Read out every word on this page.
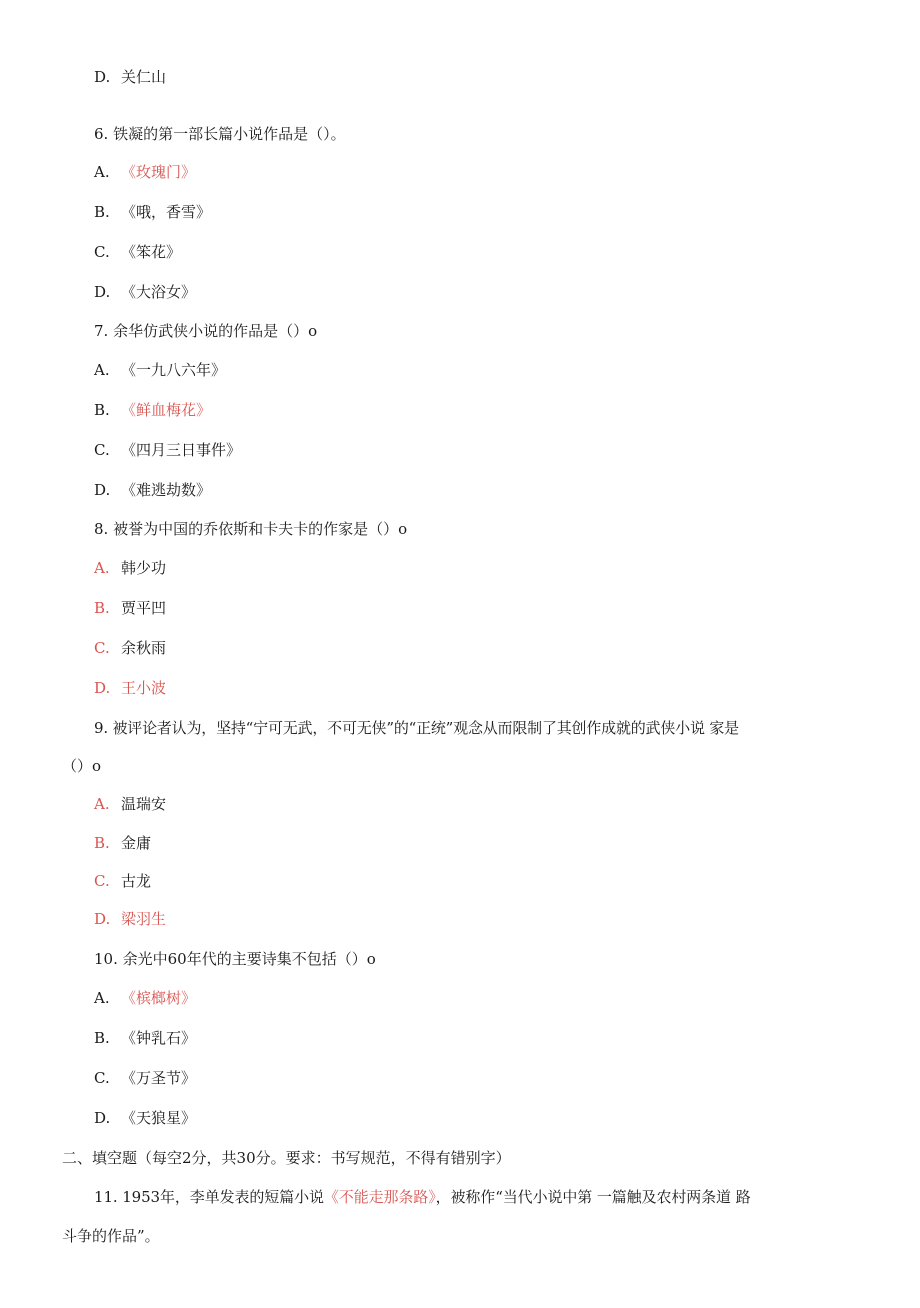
D. 关仁山
6. 铁凝的第一部长篇小说作品是（）。
A. 《玫瑰门》
B. 《哦，香雪》
C. 《笨花》
D. 《大浴女》
7. 余华仿武侠小说的作品是（）o
A. 《一九八六年》
B. 《鲜血梅花》
C. 《四月三日事件》
D. 《难逃劫数》
8. 被誉为中国的乔依斯和卡夫卡的作家是（）o
A. 韩少功
B. 贾平凹
C. 余秋雨
D. 王小波
9. 被评论者认为，坚持“宁可无武，不可无侠”的“正统”观念从而限制了其创作成就的武侠小说 家是
（）o
A. 温瑞安
B. 金庸
C. 古龙
D. 梁羽生
10. 余光中60年代的主要诗集不包括（）o
A. 《槟榔树》
B. 《钟乳石》
C. 《万圣节》
D. 《天狼星》
二、填空题（每空2分，共30分。要求：书写规范，不得有错别字）
11. 1953年，李单发表的短篇小说《不能走那条路》，被称作“当代小说中第 一篇触及农村两条道 路
斗争的作品”。
